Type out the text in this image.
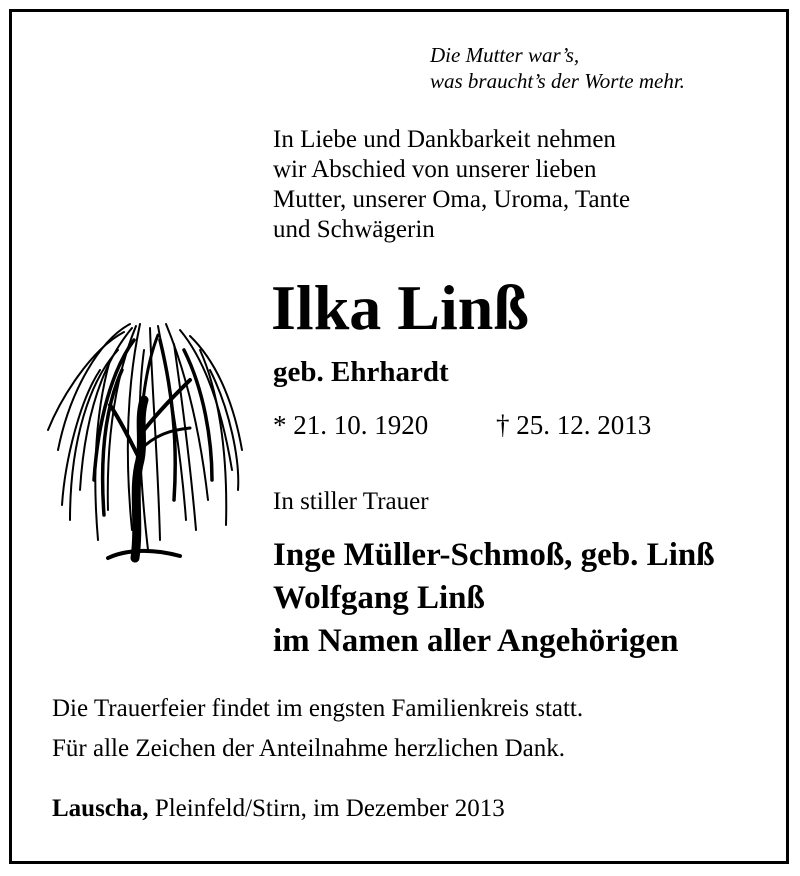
Die Mutter war’s,
was braucht’s der Worte mehr.
In Liebe und Dankbarkeit nehmen
wir Abschied von unserer lieben
Mutter, unserer Oma, Uroma, Tante
und Schwägerin
Ilka Linß
geb. Ehrhardt
* 21. 10. 1920	† 25. 12. 2013
In stiller Trauer
Inge Müller-Schmoß, geb. Linß
Wolfgang Linß
im Namen aller Angehörigen
Die Trauerfeier findet im engsten Familienkreis statt.
Für alle Zeichen der Anteilnahme herzlichen Dank.
Lauscha, Pleinfeld/Stirn, im Dezember 2013
